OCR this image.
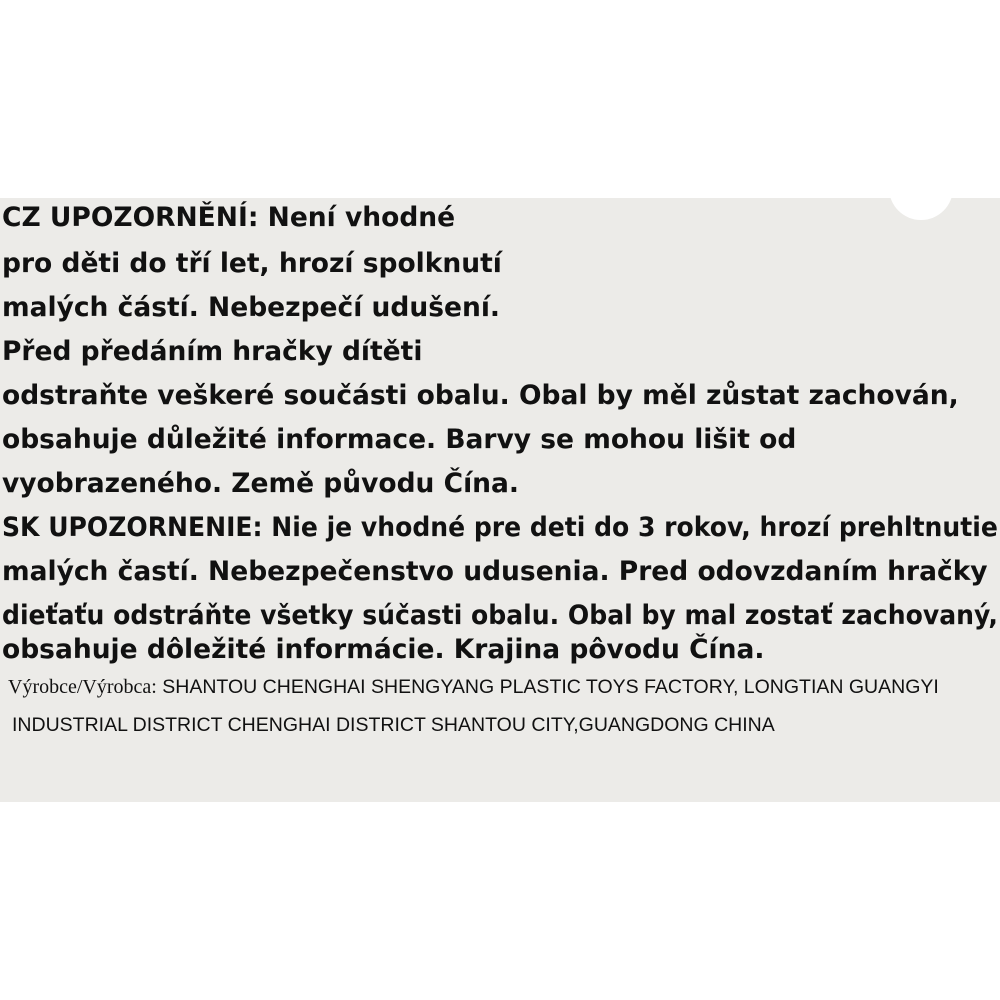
CZ UPOZORNĚNÍ: Není vhodné
pro děti do tří let, hrozí spolknutí
malých částí. Nebezpečí udušení.
Před předáním hračky dítěti
odstraňte veškeré součásti obalu. Obal by měl zůstat zachován,
obsahuje důležité informace. Barvy se mohou lišit od
vyobrazeného. Země původu Čína.
SK UPOZORNENIE: Nie je vhodné pre deti do 3 rokov, hrozí prehltnutie
malých častí. Nebezpečenstvo udusenia. Pred odovzdaním hračky
dieťaťu odstráňte všetky súčasti obalu. Obal by mal zostať zachovaný,
obsahuje dôležité informácie. Krajina pôvodu Čína.
Výrobce/Výrobca: SHANTOU CHENGHAI SHENGYANG PLASTIC TOYS FACTORY, LONGTIAN GUANGYI
INDUSTRIAL DISTRICT CHENGHAI DISTRICT SHANTOU CITY,GUANGDONG CHINA
